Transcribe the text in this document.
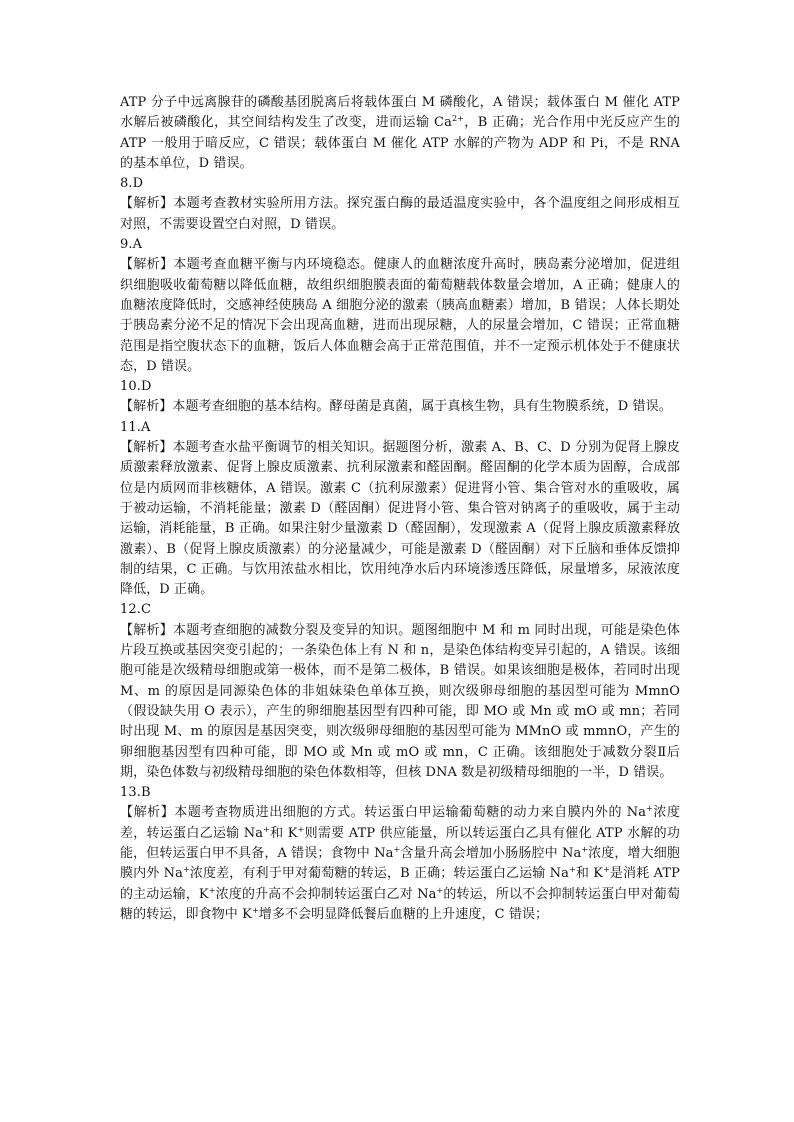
ATP 分子中远离腺苷的磷酸基团脱离后将载体蛋白 M 磷酸化，A 错误；载体蛋白 M 催化 ATP 水解后被磷酸化，其空间结构发生了改变，进而运输 $Ca^{2+}$，B 正确；光合作用中光反应产生的 ATP 一般用于暗反应，C 错误；载体蛋白 M 催化 ATP 水解的产物为 ADP 和 Pi，不是 RNA 的基本单位，D 错误。

8.D

【解析】本题考查教材实验所用方法。探究蛋白酶的最适温度实验中，各个温度组之间形成相互对照，不需要设置空白对照，D 错误。

9.A

【解析】本题考查血糖平衡与内环境稳态。健康人的血糖浓度升高时，胰岛素分泌增加，促进组织细胞吸收葡萄糖以降低血糖，故组织细胞膜表面的葡萄糖载体数量会增加，A 正确；健康人的血糖浓度降低时，交感神经使胰岛 A 细胞分泌的激素（胰高血糖素）增加，B 错误；人体长期处于胰岛素分泌不足的情况下会出现高血糖，进而出现尿糖，人的尿量会增加，C 错误；正常血糖范围是指空腹状态下的血糖，饭后人体血糖会高于正常范围值，并不一定预示机体处于不健康状态，D 错误。

10.D

【解析】本题考查细胞的基本结构。酵母菌是真菌，属于真核生物，具有生物膜系统，D 错误。

11.A

【解析】本题考查水盐平衡调节的相关知识。据题图分析，激素 A、B、C、D 分别为促肾上腺皮质激素释放激素、促肾上腺皮质激素、抗利尿激素和醛固酮。醛固酮的化学本质为固醇，合成部位是内质网而非核糖体，A 错误。激素 C（抗利尿激素）促进肾小管、集合管对水的重吸收，属于被动运输，不消耗能量；激素 D（醛固酮）促进肾小管、集合管对钠离子的重吸收，属于主动运输，消耗能量，B 正确。如果注射少量激素 D（醛固酮），发现激素 A（促肾上腺皮质激素释放激素）、B（促肾上腺皮质激素）的分泌量减少，可能是激素 D（醛固酮）对下丘脑和垂体反馈抑制的结果，C 正确。与饮用浓盐水相比，饮用纯净水后内环境渗透压降低，尿量增多，尿液浓度降低，D 正确。

12.C

【解析】本题考查细胞的减数分裂及变异的知识。题图细胞中 M 和 m 同时出现，可能是染色体片段互换或基因突变引起的；一条染色体上有 N 和 n，是染色体结构变异引起的，A 错误。该细胞可能是次级精母细胞或第一极体，而不是第二极体，B 错误。如果该细胞是极体，若同时出现 M、m 的原因是同源染色体的非姐妹染色单体互换，则次级卵母细胞的基因型可能为 MmnO（假设缺失用 O 表示），产生的卵细胞基因型有四种可能，即 MO 或 Mn 或 mO 或 mn；若同时出现 M、m 的原因是基因突变，则次级卵母细胞的基因型可能为 MMnO 或 mmnO，产生的卵细胞基因型有四种可能，即 MO 或 Mn 或 mO 或 mn，C 正确。该细胞处于减数分裂Ⅱ后期，染色体数与初级精母细胞的染色体数相等，但核 DNA 数是初级精母细胞的一半，D 错误。

13.B

【解析】本题考查物质进出细胞的方式。转运蛋白甲运输葡萄糖的动力来自膜内外的 Na+浓度差，转运蛋白乙运输 Na+和 K+则需要 ATP 供应能量，所以转运蛋白乙具有催化 ATP 水解的功能，但转运蛋白甲不具备，A 错误；食物中 Na+含量升高会增加小肠肠腔中 Na+浓度，增大细胞膜内外 Na+浓度差，有利于甲对葡萄糖的转运，B 正确；转运蛋白乙运输 Na+和 K+是消耗 ATP 的主动运输，K+浓度的升高不会抑制转运蛋白乙对 Na+的转运，所以不会抑制转运蛋白甲对葡萄糖的转运，即食物中 K+增多不会明显降低餐后血糖的上升速度，C 错误；
